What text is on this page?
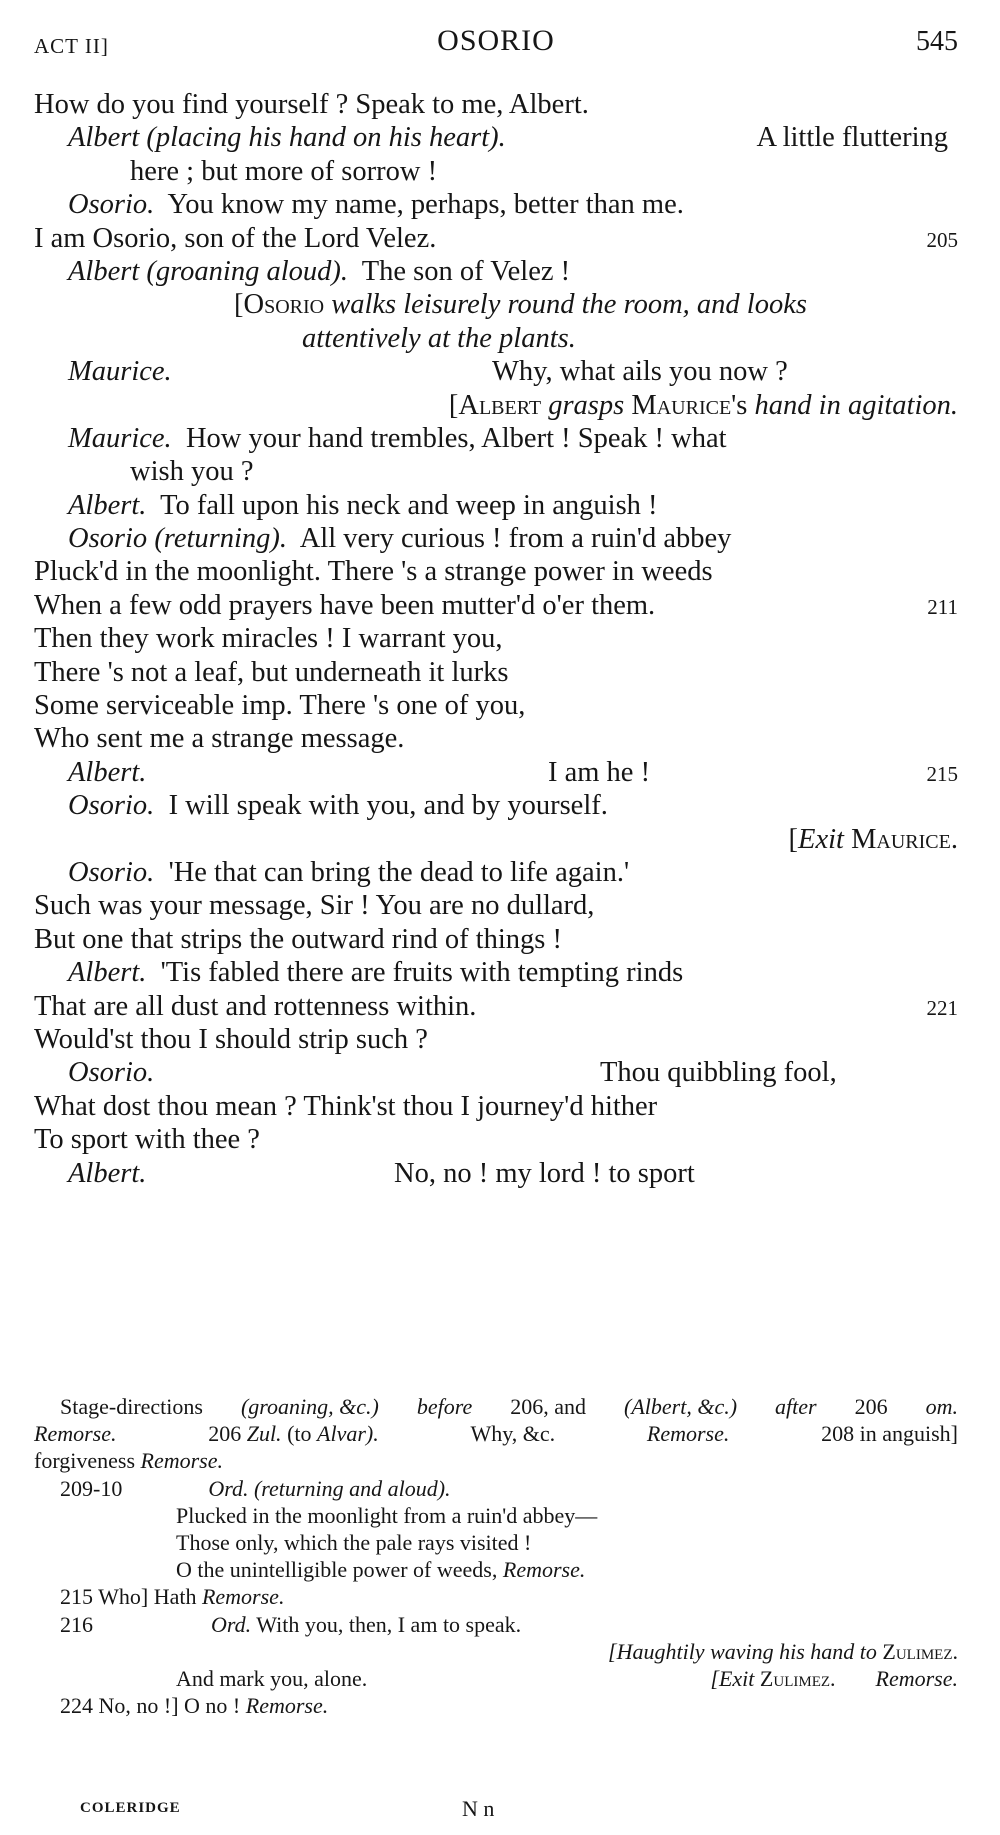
ACT II]	OSORIO	545
How do you find yourself ? Speak to me, Albert.
Albert (placing his hand on his heart).	A little fluttering
here ; but more of sorrow !
Osorio. You know my name, perhaps, better than me.
I am Osorio, son of the Lord Velez.	205
Albert (groaning aloud). The son of Velez !
[Osorio walks leisurely round the room, and looks
attentively at the plants.
Maurice.	Why, what ails you now ?
[Albert grasps Maurice's hand in agitation.
Maurice. How your hand trembles, Albert ! Speak ! what
wish you ?
Albert. To fall upon his neck and weep in anguish !
Osorio (returning). All very curious ! from a ruin'd abbey
Pluck'd in the moonlight. There 's a strange power in weeds
When a few odd prayers have been mutter'd o'er them.	211
Then they work miracles ! I warrant you,
There 's not a leaf, but underneath it lurks
Some serviceable imp. There 's one of you,
Who sent me a strange message.
Albert.	I am he !	215
Osorio. I will speak with you, and by yourself.
[Exit Maurice.
Osorio. 'He that can bring the dead to life again.'
Such was your message, Sir ! You are no dullard,
But one that strips the outward rind of things !
Albert. 'Tis fabled there are fruits with tempting rinds
That are all dust and rottenness within.	221
Would'st thou I should strip such ?
Osorio.	Thou quibbling fool,
What dost thou mean ? Think'st thou I journey'd hither
To sport with thee ?
Albert.	No, no ! my lord ! to sport
Stage-directions (groaning, &c.) before 206, and (Albert, &c.) after 206 om.
Remorse.	206 Zul. (to Alvar).	Why, &c.	Remorse.	208 in anguish]
forgiveness Remorse.
209-10	Ord. (returning and aloud).
Plucked in the moonlight from a ruin'd abbey—
Those only, which the pale rays visited !
O the unintelligible power of weeds, Remorse.
215 Who] Hath Remorse.
216	Ord. With you, then, I am to speak.
[Haughtily waving his hand to Zulimez.
And mark you, alone.	[Exit Zulimez. Remorse.
224 No, no !] O no ! Remorse.
COLERIDGE	N n
